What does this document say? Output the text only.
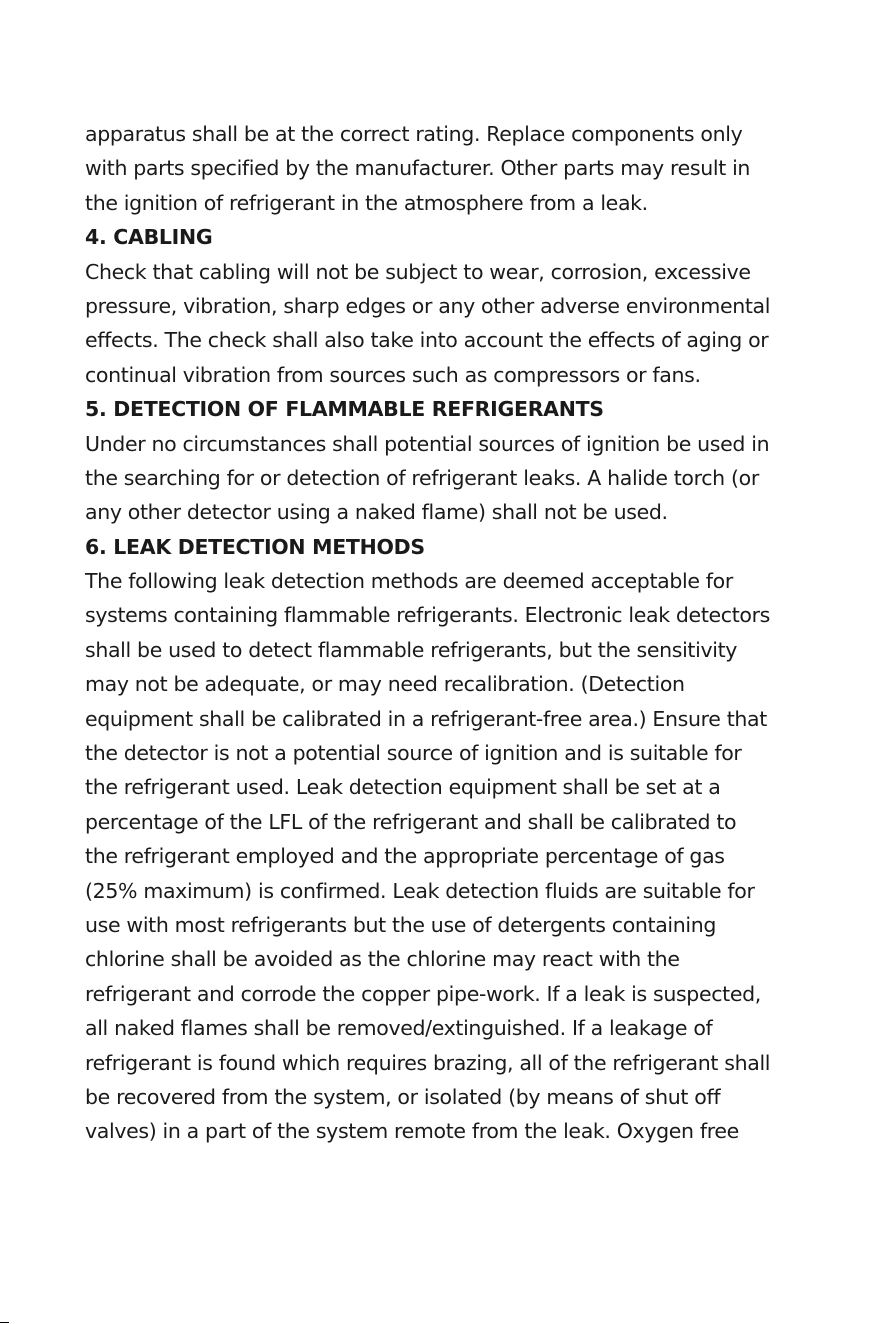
apparatus shall be at the correct rating. Replace components only
with parts specified by the manufacturer. Other parts may result in
the ignition of refrigerant in the atmosphere from a leak.
4. CABLING
Check that cabling will not be subject to wear, corrosion, excessive
pressure, vibration, sharp edges or any other adverse environmental
effects. The check shall also take into account the effects of aging or
continual vibration from sources such as compressors or fans.
5. DETECTION OF FLAMMABLE REFRIGERANTS
Under no circumstances shall potential sources of ignition be used in
the searching for or detection of refrigerant leaks. A halide torch (or
any other detector using a naked flame) shall not be used.
6. LEAK DETECTION METHODS
The following leak detection methods are deemed acceptable for
systems containing flammable refrigerants. Electronic leak detectors
shall be used to detect flammable refrigerants, but the sensitivity
may not be adequate, or may need recalibration. (Detection
equipment shall be calibrated in a refrigerant-free area.) Ensure that
the detector is not a potential source of ignition and is suitable for
the refrigerant used. Leak detection equipment shall be set at a
percentage of the LFL of the refrigerant and shall be calibrated to
the refrigerant employed and the appropriate percentage of gas
(25% maximum) is confirmed. Leak detection fluids are suitable for
use with most refrigerants but the use of detergents containing
chlorine shall be avoided as the chlorine may react with the
refrigerant and corrode the copper pipe-work. If a leak is suspected,
all naked flames shall be removed/extinguished. If a leakage of
refrigerant is found which requires brazing, all of the refrigerant shall
be recovered from the system, or isolated (by means of shut off
valves) in a part of the system remote from the leak. Oxygen free
